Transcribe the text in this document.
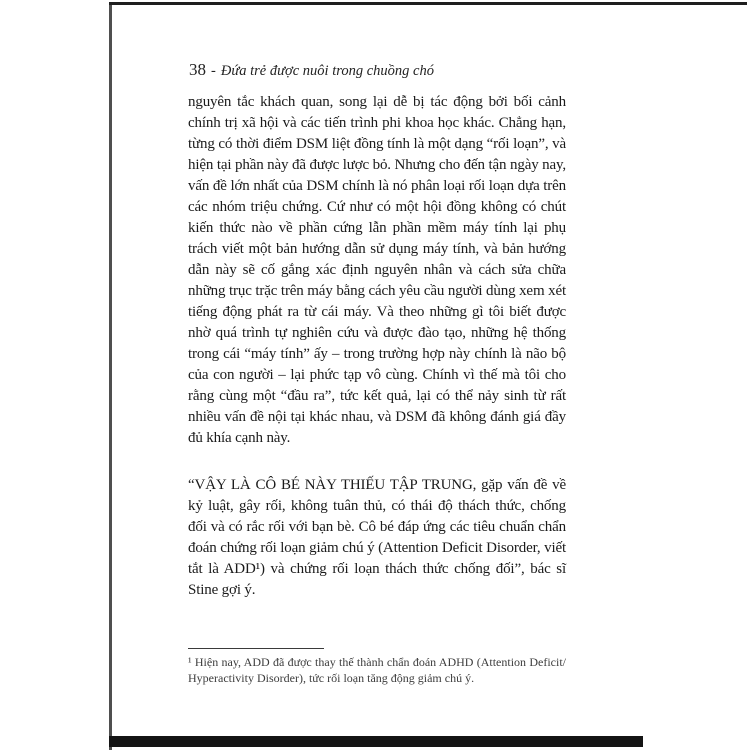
38 - Đứa trẻ được nuôi trong chuồng chó

nguyên tắc khách quan, song lại dễ bị tác động bởi bối cảnh chính trị xã hội và các tiến trình phi khoa học khác. Chẳng hạn, từng có thời điểm DSM liệt đồng tính là một dạng “rối loạn”, và hiện tại phần này đã được lược bỏ. Nhưng cho đến tận ngày nay, vấn đề lớn nhất của DSM chính là nó phân loại rối loạn dựa trên các nhóm triệu chứng. Cứ như có một hội đồng không có chút kiến thức nào về phần cứng lẫn phần mềm máy tính lại phụ trách viết một bản hướng dẫn sử dụng máy tính, và bản hướng dẫn này sẽ cố gắng xác định nguyên nhân và cách sửa chữa những trục trặc trên máy bằng cách yêu cầu người dùng xem xét tiếng động phát ra từ cái máy. Và theo những gì tôi biết được nhờ quá trình tự nghiên cứu và được đào tạo, những hệ thống trong cái “máy tính” ấy – trong trường hợp này chính là não bộ của con người – lại phức tạp vô cùng. Chính vì thế mà tôi cho rằng cùng một “đầu ra”, tức kết quả, lại có thể nảy sinh từ rất nhiều vấn đề nội tại khác nhau, và DSM đã không đánh giá đầy đủ khía cạnh này.

“VẬY LÀ CÔ BÉ NÀY THIẾU TẬP TRUNG, gặp vấn đề về kỷ luật, gây rối, không tuân thủ, có thái độ thách thức, chống đối và có rắc rối với bạn bè. Cô bé đáp ứng các tiêu chuẩn chẩn đoán chứng rối loạn giảm chú ý (Attention Deficit Disorder, viết tắt là ADD¹) và chứng rối loạn thách thức chống đối”, bác sĩ Stine gợi ý.

¹ Hiện nay, ADD đã được thay thế thành chẩn đoán ADHD (Attention Deficit/ Hyperactivity Disorder), tức rối loạn tăng động giảm chú ý.
